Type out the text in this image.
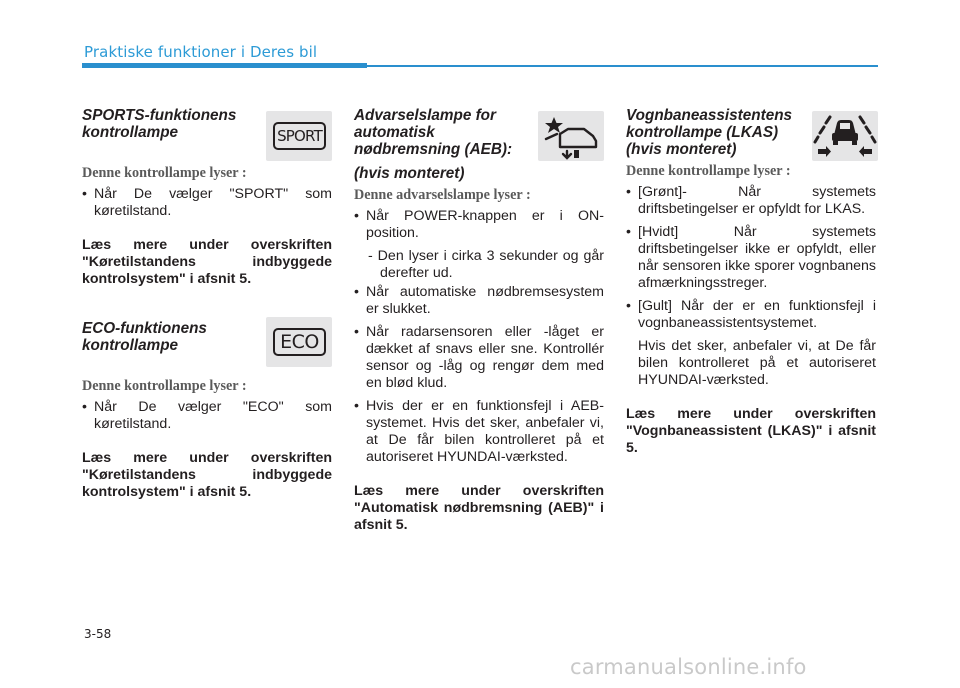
Praktiske funktioner i Deres bil

SPORTS-funktionens kontrollampe	SPORT

Denne kontrollampe lyser :

• Når De vælger "SPORT" som køretilstand.

Læs mere under overskriften "Køretilstandens indbyggede kontrolsystem" i afsnit 5.

ECO-funktionens kontrollampe	ECO

Denne kontrollampe lyser :

• Når De vælger "ECO" som køretilstand.

Læs mere under overskriften "Køretilstandens indbyggede kontrolsystem" i afsnit 5.

Advarselslampe for automatisk nødbremsning (AEB):

(hvis monteret)

Denne advarselslampe lyser :

• Når POWER-knappen er i ON-position.
- Den lyser i cirka 3 sekunder og går derefter ud.
• Når automatiske nødbremsesystem er slukket.
• Når radarsensoren eller -låget er dækket af snavs eller sne. Kontrollér sensor og -låg og rengør dem med en blød klud.
• Hvis der er en funktionsfejl i AEB-systemet. Hvis det sker, anbefaler vi, at De får bilen kontrolleret på et autoriseret HYUNDAI-værksted.

Læs mere under overskriften "Automatisk nødbremsning (AEB)" i afsnit 5.

Vognbaneassistentens kontrollampe (LKAS) (hvis monteret)

Denne kontrollampe lyser :

• [Grønt]- Når systemets driftsbetingelser er opfyldt for LKAS.
• [Hvidt] Når systemets driftsbetingelser ikke er opfyldt, eller når sensoren ikke sporer vognbanens afmærkningsstreger.
• [Gult] Når der er en funktionsfejl i vognbaneassistentsystemet.
Hvis det sker, anbefaler vi, at De får bilen kontrolleret på et autoriseret HYUNDAI-værksted.

Læs mere under overskriften "Vognbaneassistent (LKAS)" i afsnit 5.

3-58
carmanualsonline.info
